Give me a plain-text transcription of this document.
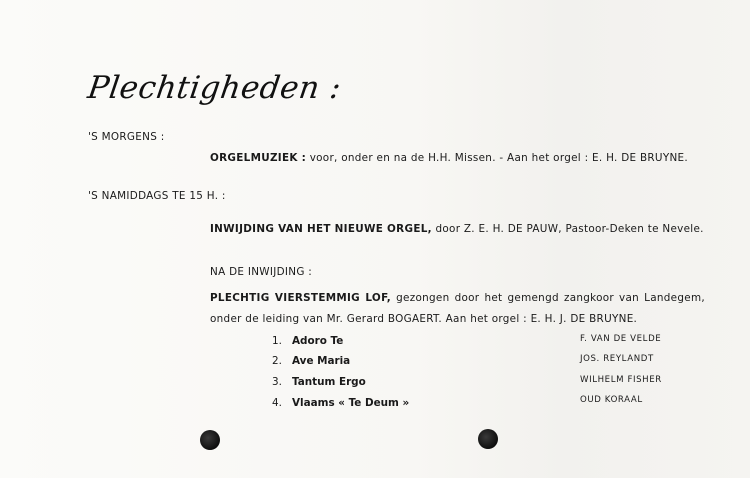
Plechtigheden :
'S MORGENS :
ORGELMUZIEK : voor, onder en na de H.H. Missen. - Aan het orgel : E. H. DE BRUYNE.
'S NAMIDDAGS TE 15 H. :
INWIJDING VAN HET NIEUWE ORGEL, door Z. E. H. DE PAUW, Pastoor-Deken te Nevele.
NA DE INWIJDING :
PLECHTIG VIERSTEMMIG LOF, gezongen door het gemengd zangkoor van Landegem, onder de leiding van Mr. Gerard BOGAERT. Aan het orgel : E. H. J. DE BRUYNE.
1. Adoro Te	F. VAN DE VELDE
2. Ave Maria	JOS. REYLANDT
3. Tantum Ergo	WILHELM FISHER
4. Vlaams « Te Deum »	OUD KORAAL
